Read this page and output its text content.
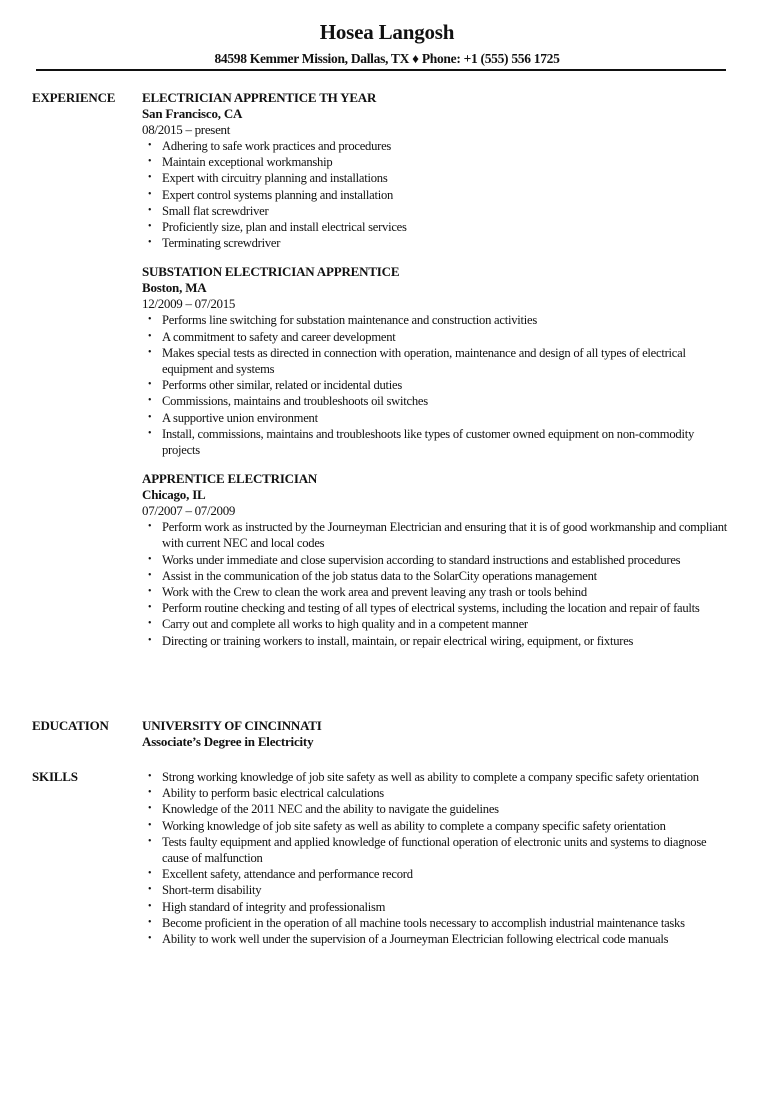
Hosea Langosh
84598 Kemmer Mission, Dallas, TX ♦ Phone: +1 (555) 556 1725
EXPERIENCE ELECTRICIAN APPRENTICE TH YEAR
San Francisco, CA
08/2015 – present
• Adhering to safe work practices and procedures
• Maintain exceptional workmanship
• Expert with circuitry planning and installations
• Expert control systems planning and installation
• Small flat screwdriver
• Proficiently size, plan and install electrical services
• Terminating screwdriver
SUBSTATION ELECTRICIAN APPRENTICE
Boston, MA
12/2009 – 07/2015
• Performs line switching for substation maintenance and construction activities
• A commitment to safety and career development
• Makes special tests as directed in connection with operation, maintenance and design of all types of electrical equipment and systems
• Performs other similar, related or incidental duties
• Commissions, maintains and troubleshoots oil switches
• A supportive union environment
• Install, commissions, maintains and troubleshoots like types of customer owned equipment on non-commodity projects
APPRENTICE ELECTRICIAN
Chicago, IL
07/2007 – 07/2009
• Perform work as instructed by the Journeyman Electrician and ensuring that it is of good workmanship and compliant with current NEC and local codes
• Works under immediate and close supervision according to standard instructions and established procedures
• Assist in the communication of the job status data to the SolarCity operations management
• Work with the Crew to clean the work area and prevent leaving any trash or tools behind
• Perform routine checking and testing of all types of electrical systems, including the location and repair of faults
• Carry out and complete all works to high quality and in a competent manner
• Directing or training workers to install, maintain, or repair electrical wiring, equipment, or fixtures
EDUCATION	UNIVERSITY OF CINCINNATI
Associate’s Degree in Electricity
SKILLS	• Strong working knowledge of job site safety as well as ability to complete a company specific safety orientation
• Ability to perform basic electrical calculations
• Knowledge of the 2011 NEC and the ability to navigate the guidelines
• Working knowledge of job site safety as well as ability to complete a company specific safety orientation
• Tests faulty equipment and applied knowledge of functional operation of electronic units and systems to diagnose cause of malfunction
• Excellent safety, attendance and performance record
• Short-term disability
• High standard of integrity and professionalism
• Become proficient in the operation of all machine tools necessary to accomplish industrial maintenance tasks
• Ability to work well under the supervision of a Journeyman Electrician following electrical code manuals
